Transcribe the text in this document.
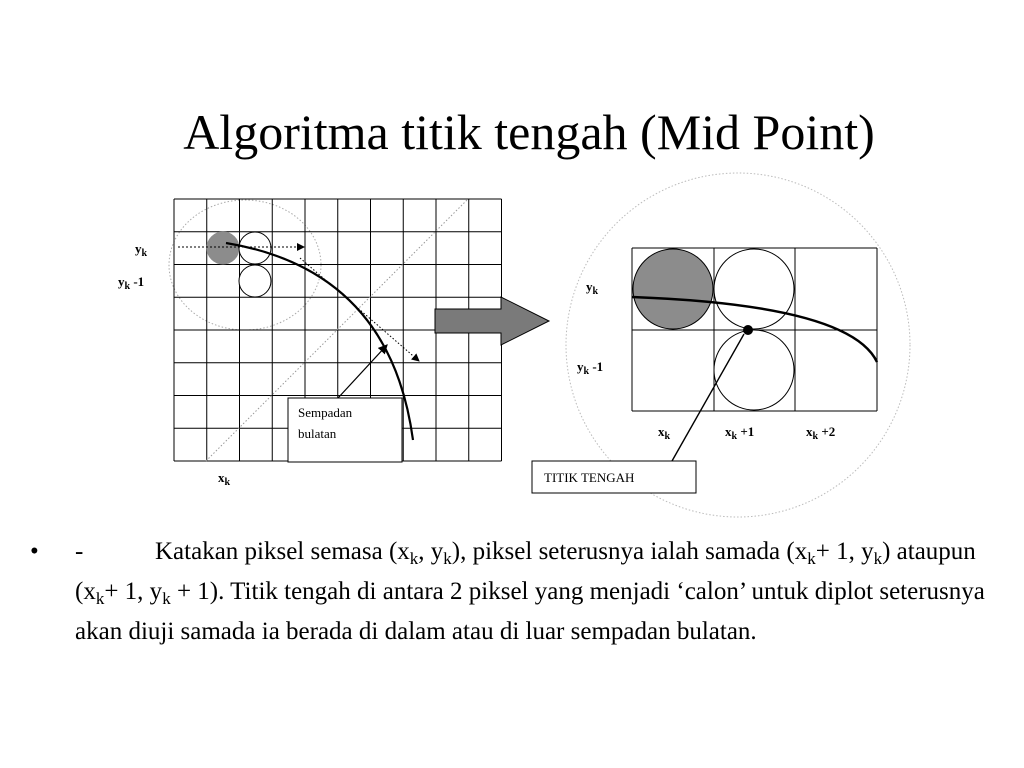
Algoritma titik tengah (Mid Point)
Sempadan
bulatan
$y_k$
$y_k$ -1
$x_k$	TITIK TENGAH
$y_k$
$y_k$ -1
$x_k$	$x_k +1$	$x_k +2$
• -	Katakan piksel semasa ($x_k$, $y_k$), piksel seterusnya ialah samada ($x_k+ 1$, $y_k$) ataupun ($x_k+ 1$, $y_k + 1$). Titik tengah di antara 2 piksel yang menjadi ‘calon’ untuk diplot seterusnya akan diuji samada ia berada di dalam atau di luar sempadan bulatan.
